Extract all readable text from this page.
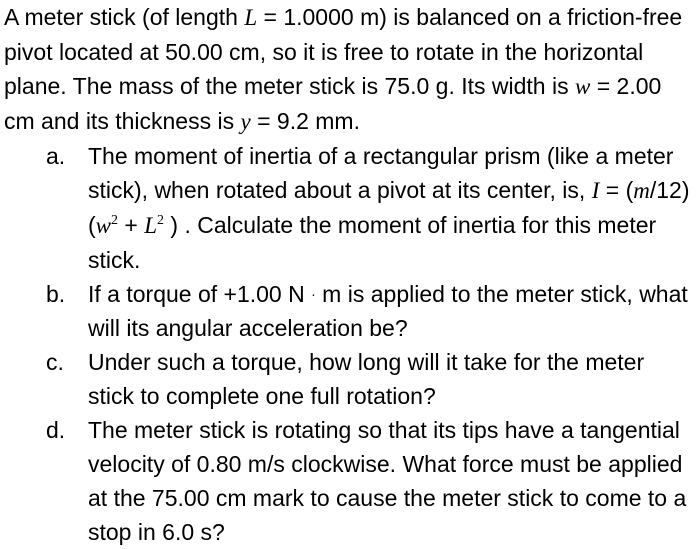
A meter stick (of length L = 1.0000 m) is balanced on a friction-free pivot located at 50.00 cm, so it is free to rotate in the horizontal plane. The mass of the meter stick is 75.0 g. Its width is w = 2.00 cm and its thickness is y = 9.2 mm.

a. The moment of inertia of a rectangular prism (like a meter stick), when rotated about a pivot at its center, is, $I = (m/12)(w^2 + L^2$ ) . Calculate the moment of inertia for this meter stick.
b. If a torque of +1.00 N · m is applied to the meter stick, what will its angular acceleration be?
c. Under such a torque, how long will it take for the meter stick to complete one full rotation?
d. The meter stick is rotating so that its tips have a tangential velocity of 0.80 m/s clockwise. What force must be applied at the 75.00 cm mark to cause the meter stick to come to a stop in 6.0 s?
